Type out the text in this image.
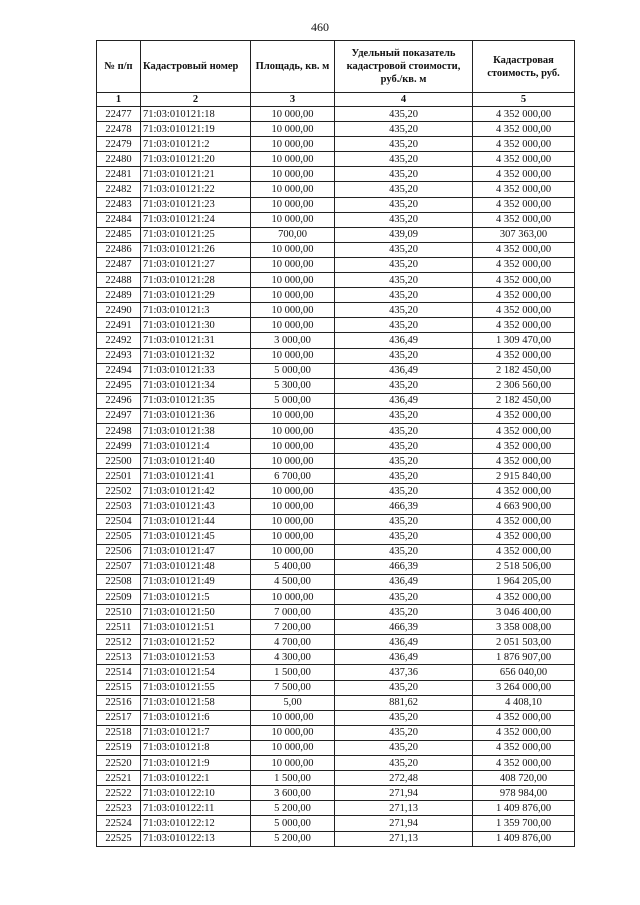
460
№ п/п	Кадастровый номер	Площадь, кв. м	Удельный показатель кадастровой стоимости, руб./кв. м	Кадастровая стоимость, руб.
1	2	3	4	5
22477	71:03:010121:18	10 000,00	435,20	4 352 000,00
22478	71:03:010121:19	10 000,00	435,20	4 352 000,00
22479	71:03:010121:2	10 000,00	435,20	4 352 000,00
22480	71:03:010121:20	10 000,00	435,20	4 352 000,00
22481	71:03:010121:21	10 000,00	435,20	4 352 000,00
22482	71:03:010121:22	10 000,00	435,20	4 352 000,00
22483	71:03:010121:23	10 000,00	435,20	4 352 000,00
22484	71:03:010121:24	10 000,00	435,20	4 352 000,00
22485	71:03:010121:25	700,00	439,09	307 363,00
22486	71:03:010121:26	10 000,00	435,20	4 352 000,00
22487	71:03:010121:27	10 000,00	435,20	4 352 000,00
22488	71:03:010121:28	10 000,00	435,20	4 352 000,00
22489	71:03:010121:29	10 000,00	435,20	4 352 000,00
22490	71:03:010121:3	10 000,00	435,20	4 352 000,00
22491	71:03:010121:30	10 000,00	435,20	4 352 000,00
22492	71:03:010121:31	3 000,00	436,49	1 309 470,00
22493	71:03:010121:32	10 000,00	435,20	4 352 000,00
22494	71:03:010121:33	5 000,00	436,49	2 182 450,00
22495	71:03:010121:34	5 300,00	435,20	2 306 560,00
22496	71:03:010121:35	5 000,00	436,49	2 182 450,00
22497	71:03:010121:36	10 000,00	435,20	4 352 000,00
22498	71:03:010121:38	10 000,00	435,20	4 352 000,00
22499	71:03:010121:4	10 000,00	435,20	4 352 000,00
22500	71:03:010121:40	10 000,00	435,20	4 352 000,00
22501	71:03:010121:41	6 700,00	435,20	2 915 840,00
22502	71:03:010121:42	10 000,00	435,20	4 352 000,00
22503	71:03:010121:43	10 000,00	466,39	4 663 900,00
22504	71:03:010121:44	10 000,00	435,20	4 352 000,00
22505	71:03:010121:45	10 000,00	435,20	4 352 000,00
22506	71:03:010121:47	10 000,00	435,20	4 352 000,00
22507	71:03:010121:48	5 400,00	466,39	2 518 506,00
22508	71:03:010121:49	4 500,00	436,49	1 964 205,00
22509	71:03:010121:5	10 000,00	435,20	4 352 000,00
22510	71:03:010121:50	7 000,00	435,20	3 046 400,00
22511	71:03:010121:51	7 200,00	466,39	3 358 008,00
22512	71:03:010121:52	4 700,00	436,49	2 051 503,00
22513	71:03:010121:53	4 300,00	436,49	1 876 907,00
22514	71:03:010121:54	1 500,00	437,36	656 040,00
22515	71:03:010121:55	7 500,00	435,20	3 264 000,00
22516	71:03:010121:58	5,00	881,62	4 408,10
22517	71:03:010121:6	10 000,00	435,20	4 352 000,00
22518	71:03:010121:7	10 000,00	435,20	4 352 000,00
22519	71:03:010121:8	10 000,00	435,20	4 352 000,00
22520	71:03:010121:9	10 000,00	435,20	4 352 000,00
22521	71:03:010122:1	1 500,00	272,48	408 720,00
22522	71:03:010122:10	3 600,00	271,94	978 984,00
22523	71:03:010122:11	5 200,00	271,13	1 409 876,00
22524	71:03:010122:12	5 000,00	271,94	1 359 700,00
22525	71:03:010122:13	5 200,00	271,13	1 409 876,00
